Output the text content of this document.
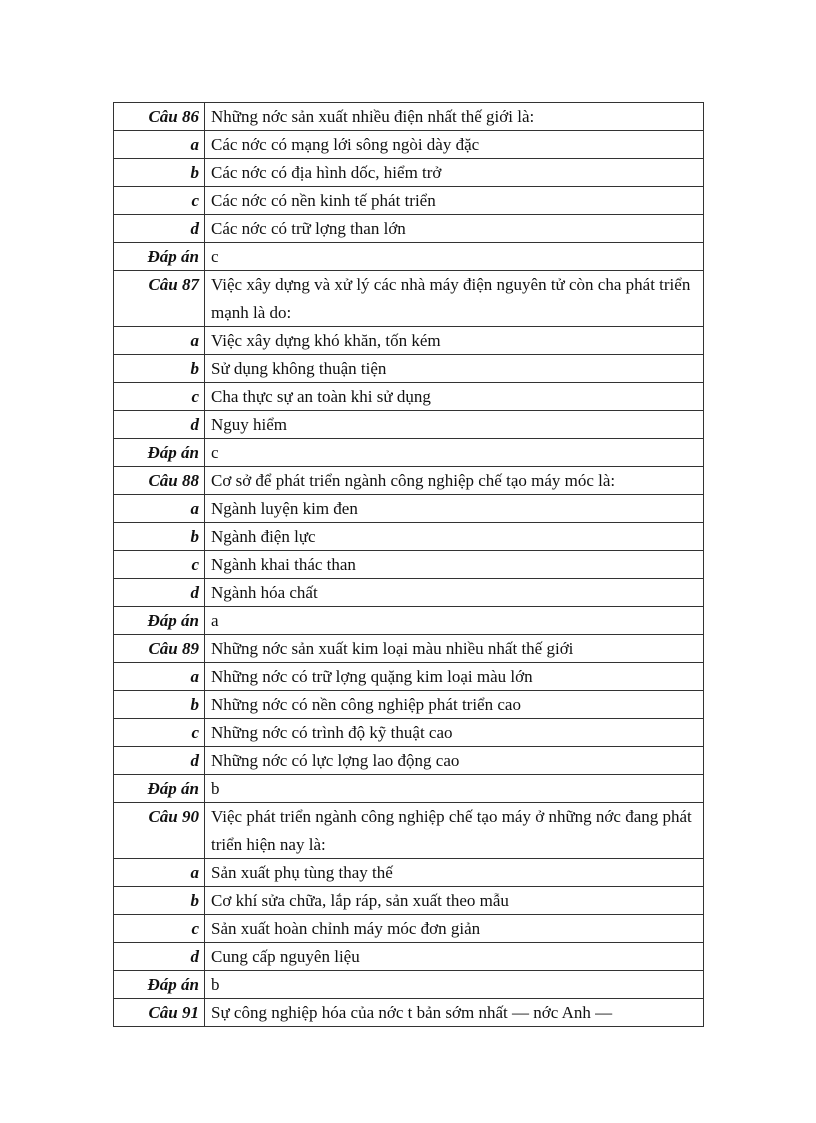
Câu 86	Những nớc sản xuất nhiều điện nhất thế giới là:
a	Các nớc có mạng lới sông ngòi dày đặc
b	Các nớc có địa hình dốc, hiểm trở
c	Các nớc có nền kinh tế phát triển
d	Các nớc có trữ lợng than lớn
Đáp án	c
Câu 87	Việc xây dựng và xử lý các nhà máy điện nguyên tử còn cha phát triển mạnh là do:
a	Việc xây dựng khó khăn, tốn kém
b	Sử dụng không thuận tiện
c	Cha thực sự an toàn khi sử dụng
d	Nguy hiểm
Đáp án	c
Câu 88	Cơ sở để phát triển ngành công nghiệp chế tạo máy móc là:
a	Ngành luyện kim đen
b	Ngành điện lực
c	Ngành khai thác than
d	Ngành hóa chất
Đáp án	a
Câu 89	Những nớc sản xuất kim loại màu nhiều nhất thế giới
a	Những nớc có trữ lợng quặng kim loại màu lớn
b	Những nớc có nền công nghiệp phát triển cao
c	Những nớc có trình độ kỹ thuật cao
d	Những nớc có lực lợng lao động cao
Đáp án	b
Câu 90	Việc phát triển ngành công nghiệp chế tạo máy ở những nớc đang phát triển hiện nay là:
a	Sản xuất phụ tùng thay thế
b	Cơ khí sửa chữa, lắp ráp, sản xuất theo mẫu
c	Sản xuất hoàn chỉnh máy móc đơn giản
d	Cung cấp nguyên liệu
Đáp án	b
Câu 91	Sự công nghiệp hóa của nớc t bản sớm nhất — nớc Anh —
